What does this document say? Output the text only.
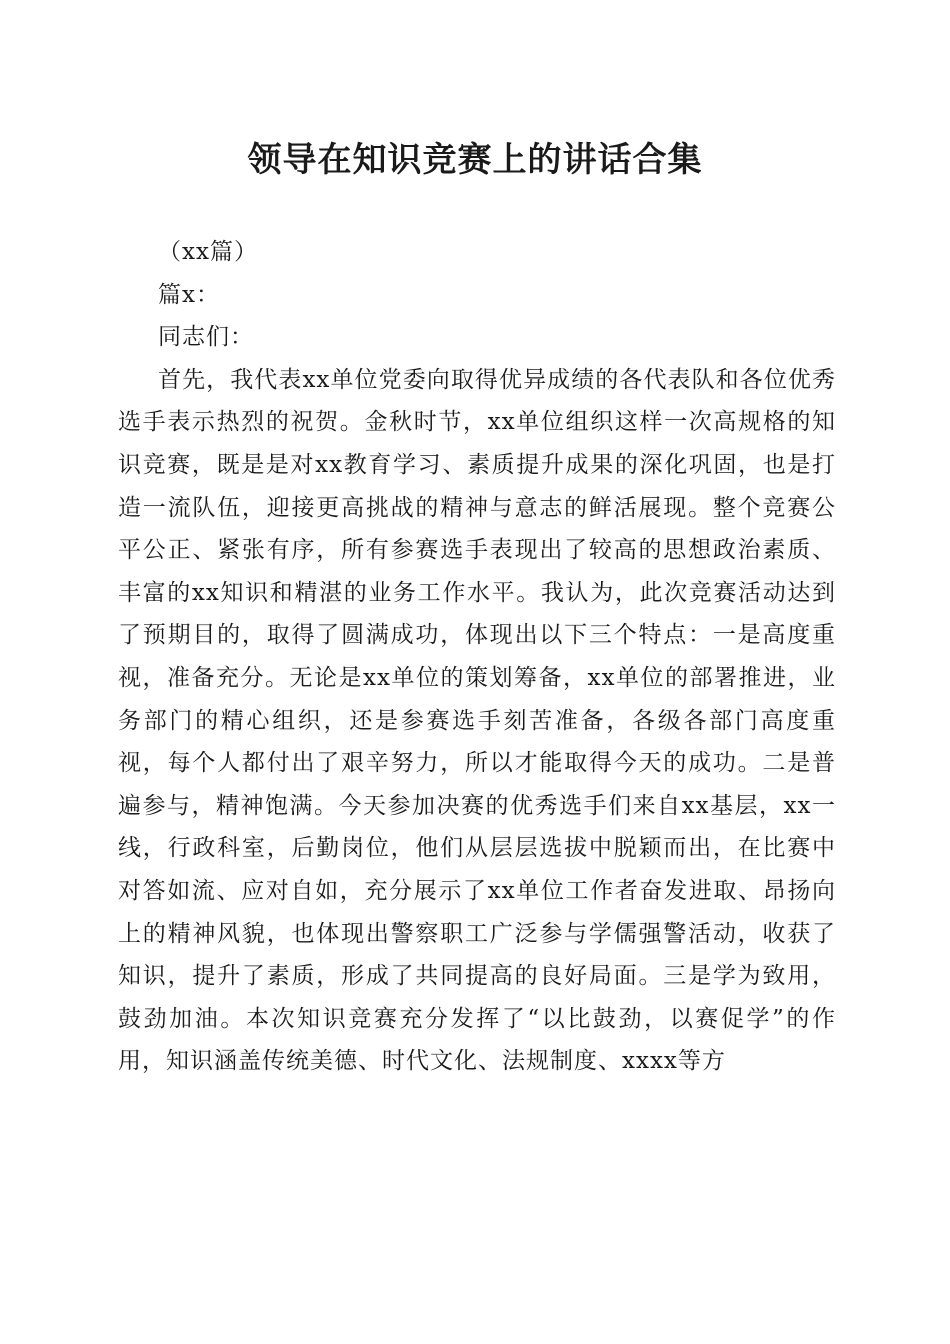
领导在知识竞赛上的讲话合集

（xx篇）

篇x：

同志们：

首先，我代表xx单位党委向取得优异成绩的各代表队和各位优秀选手表示热烈的祝贺。金秋时节，xx单位组织这样一次高规格的知识竞赛，既是是对xx教育学习、素质提升成果的深化巩固，也是打造一流队伍，迎接更高挑战的精神与意志的鲜活展现。整个竞赛公平公正、紧张有序，所有参赛选手表现出了较高的思想政治素质、丰富的xx知识和精湛的业务工作水平。我认为，此次竞赛活动达到了预期目的，取得了圆满成功，体现出以下三个特点：一是高度重视，准备充分。无论是xx单位的策划筹备，xx单位的部署推进，业务部门的精心组织，还是参赛选手刻苦准备，各级各部门高度重视，每个人都付出了艰辛努力，所以才能取得今天的成功。二是普遍参与，精神饱满。今天参加决赛的优秀选手们来自xx基层，xx一线，行政科室，后勤岗位，他们从层层选拔中脱颖而出，在比赛中对答如流、应对自如，充分展示了xx单位工作者奋发进取、昂扬向上的精神风貌，也体现出警察职工广泛参与学儒强警活动，收获了知识，提升了素质，形成了共同提高的良好局面。三是学为致用，鼓劲加油。本次知识竞赛充分发挥了“以比鼓劲，以赛促学”的作用，知识涵盖传统美德、时代文化、法规制度、xxxx等方
